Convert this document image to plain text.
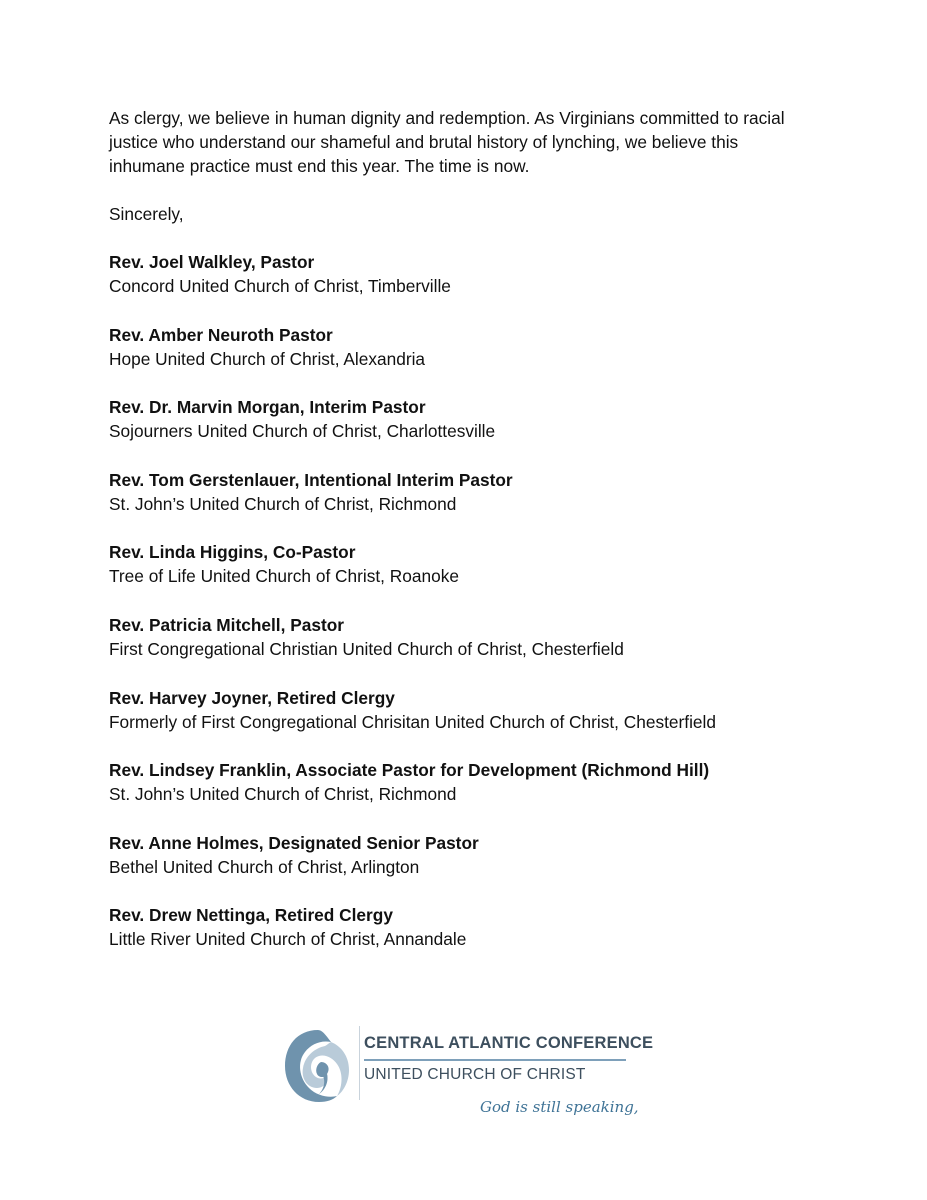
As clergy, we believe in human dignity and redemption. As Virginians committed to racial justice who understand our shameful and brutal history of lynching, we believe this inhumane practice must end this year. The time is now.

Sincerely,

Rev. Joel Walkley, Pastor
Concord United Church of Christ, Timberville
Rev. Amber Neuroth Pastor
Hope United Church of Christ, Alexandria
Rev. Dr. Marvin Morgan, Interim Pastor
Sojourners United Church of Christ, Charlottesville
Rev. Tom Gerstenlauer, Intentional Interim Pastor
St. John’s United Church of Christ, Richmond
Rev. Linda Higgins, Co-Pastor
Tree of Life United Church of Christ, Roanoke
Rev. Patricia Mitchell, Pastor
First Congregational Christian United Church of Christ, Chesterfield
Rev. Harvey Joyner, Retired Clergy
Formerly of First Congregational Chrisitan United Church of Christ, Chesterfield
Rev. Lindsey Franklin, Associate Pastor for Development (Richmond Hill)
St. John’s United Church of Christ, Richmond
Rev. Anne Holmes, Designated Senior Pastor
Bethel United Church of Christ, Arlington
Rev. Drew Nettinga, Retired Clergy
Little River United Church of Christ, Annandale
CENTRAL ATLANTIC CONFERENCE
UNITED CHURCH OF CHRIST
God is still speaking,
